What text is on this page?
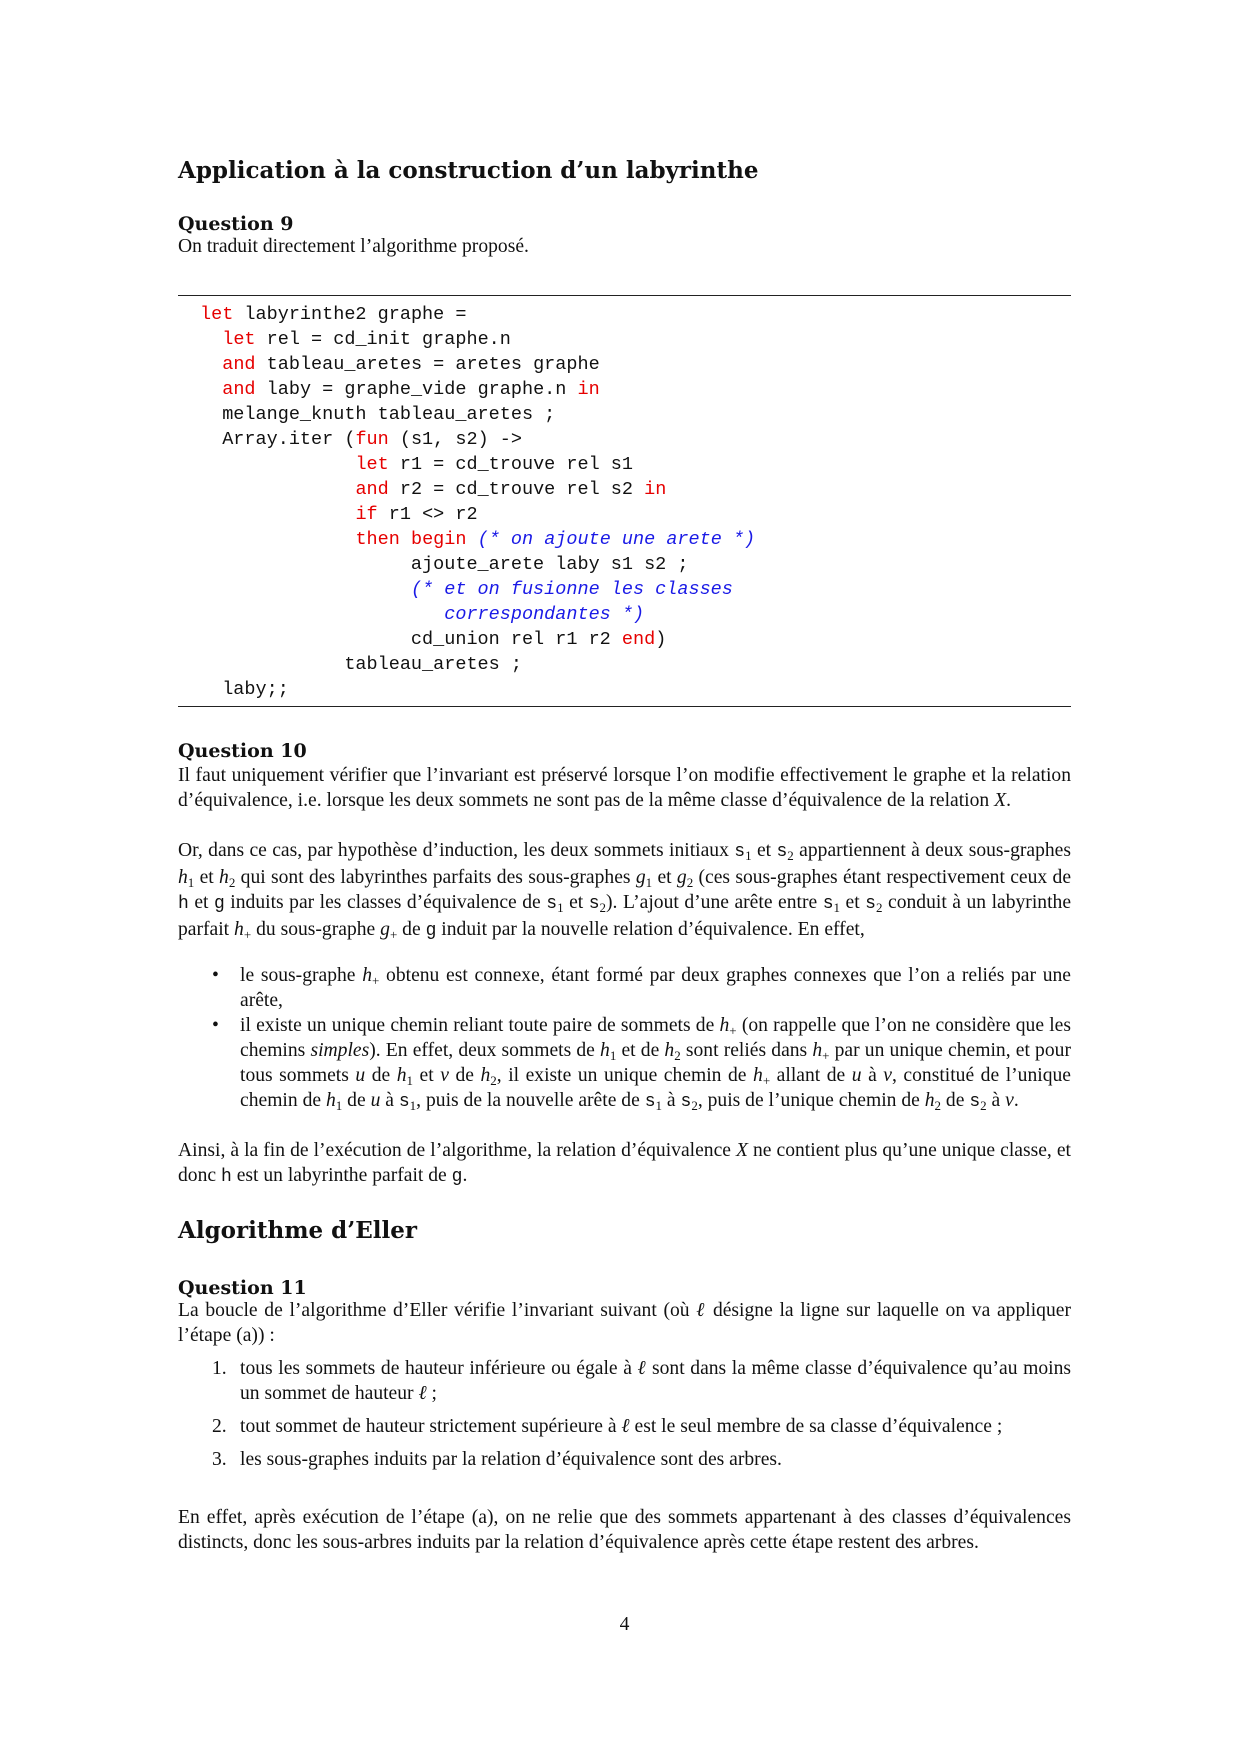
Application à la construction d’un labyrinthe
Question 9

On traduit directement l’algorithme proposé.

let labyrinthe2 graphe =
let rel = cd_init graphe.n
and tableau_aretes = aretes graphe
and laby = graphe_vide graphe.n in
melange_knuth tableau_aretes ;
Array.iter (fun (s1, s2) ->
let r1 = cd_trouve rel s1
and r2 = cd_trouve rel s2 in
if r1 <> r2
then begin (* on ajoute une arete *)
ajoute_arete laby s1 s2 ;
(* et on fusionne les classes
correspondantes *)
cd_union rel r1 r2 end)
tableau_aretes ;
laby;;
Question 10

Il faut uniquement vérifier que l’invariant est préservé lorsque l’on modifie effectivement le graphe et la relation d’équivalence, i.e. lorsque les deux sommets ne sont pas de la même classe d’équivalence de la relation X.

Or, dans ce cas, par hypothèse d’induction, les deux sommets initiaux $s_1$ et $s_2$ appartiennent à deux sous-graphes $h_1$ et $h_2$ qui sont des labyrinthes parfaits des sous-graphes $g_1$ et $g_2$ (ces sous-graphes étant respectivement ceux de h et g induits par les classes d’équivalence de $s_1$ et $s_2$). L’ajout d’une arête entre $s_1$ et $s_2$ conduit à un labyrinthe parfait $h_+$ du sous-graphe $g_+$ de g induit par la nouvelle relation d’équivalence. En effet,

• le sous-graphe $h_+$ obtenu est connexe, étant formé par deux graphes connexes que l’on a reliés par une arête,
• il existe un unique chemin reliant toute paire de sommets de $h_+$ (on rappelle que l’on ne considère que les chemins simples). En effet, deux sommets de $h_1$ et de $h_2$ sont reliés dans $h_+$ par un unique chemin, et pour tous sommets u de $h_1$ et v de $h_2$, il existe un unique chemin de $h_+$ allant de u à v, constitué de l’unique chemin de $h_1$ de u à $s_1$, puis de la nouvelle arête de $s_1$ à $s_2$, puis de l’unique chemin de $h_2$ de $s_2$ à v.

Ainsi, à la fin de l’exécution de l’algorithme, la relation d’équivalence X ne contient plus qu’une unique classe, et donc h est un labyrinthe parfait de g.

Algorithme d’Eller
Question 11

La boucle de l’algorithme d’Eller vérifie l’invariant suivant (où ℓ désigne la ligne sur laquelle on va appliquer l’étape (a)) :

1. tous les sommets de hauteur inférieure ou égale à ℓ sont dans la même classe d’équivalence qu’au moins un sommet de hauteur ℓ ;
2. tout sommet de hauteur strictement supérieure à ℓ est le seul membre de sa classe d’équivalence ;
3. les sous-graphes induits par la relation d’équivalence sont des arbres.

En effet, après exécution de l’étape (a), on ne relie que des sommets appartenant à des classes d’équivalences distincts, donc les sous-arbres induits par la relation d’équivalence après cette étape restent des arbres.

4
